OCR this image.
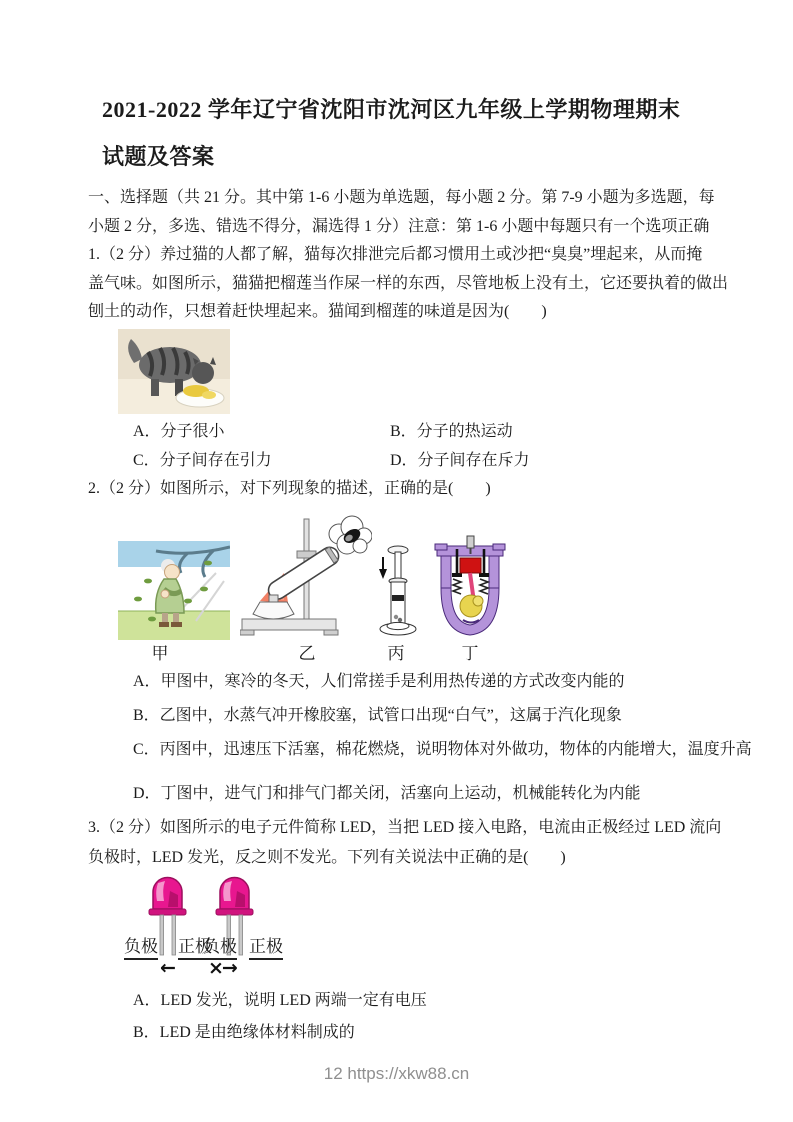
2021-2022 学年辽宁省沈阳市沈河区九年级上学期物理期末
试题及答案
一、选择题（共 21 分。其中第 1-6 小题为单选题，每小题 2 分。第 7-9 小题为多选题，每
小题 2 分，多选、错选不得分，漏选得 1 分）注意：第 1-6 小题中每题只有一个选项正确
1.（2 分）养过猫的人都了解，猫每次排泄完后都习惯用土或沙把“臭臭”埋起来，从而掩
盖气味。如图所示，猫猫把榴莲当作屎一样的东西，尽管地板上没有土，它还要执着的做出
刨土的动作，只想着赶快埋起来。猫闻到榴莲的味道是因为(　　)
A．分子很小	B．分子的热运动
C．分子间存在引力	D．分子间存在斥力
2.（2 分）如图所示，对下列现象的描述，正确的是(　　)
甲	乙	丙	丁
A．甲图中，寒冷的冬天，人们常搓手是利用热传递的方式改变内能的
B．乙图中，水蒸气冲开橡胶塞，试管口出现“白气”，这属于汽化现象
C．丙图中，迅速压下活塞，棉花燃烧，说明物体对外做功，物体的内能增大，温度升高
D．丁图中，进气门和排气门都关闭，活塞向上运动，机械能转化为内能
3.（2 分）如图所示的电子元件简称 LED，当把 LED 接入电路，电流由正极经过 LED 流向
负极时，LED 发光，反之则不发光。下列有关说法中正确的是(　　)
负极 正极
负极 正极
← ×→
A．LED 发光，说明 LED 两端一定有电压
B．LED 是由绝缘体材料制成的
12 https://xkw88.cn
